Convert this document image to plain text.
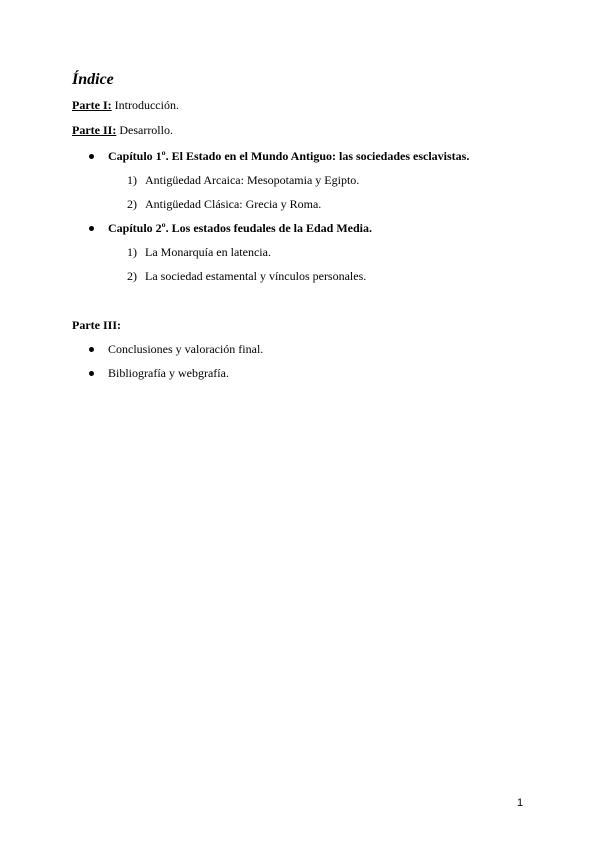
Índice
Parte I: Introducción.
Parte II: Desarrollo.
Capítulo 1º. El Estado en el Mundo Antiguo: las sociedades esclavistas.
1) Antigüedad Arcaica: Mesopotamia y Egipto.
2) Antigüedad Clásica: Grecia y Roma.
Capítulo 2º. Los estados feudales de la Edad Media.
1) La Monarquía en latencia.
2) La sociedad estamental y vínculos personales.
Parte III:
Conclusiones y valoración final.
Bibliografía y webgrafía.
1
